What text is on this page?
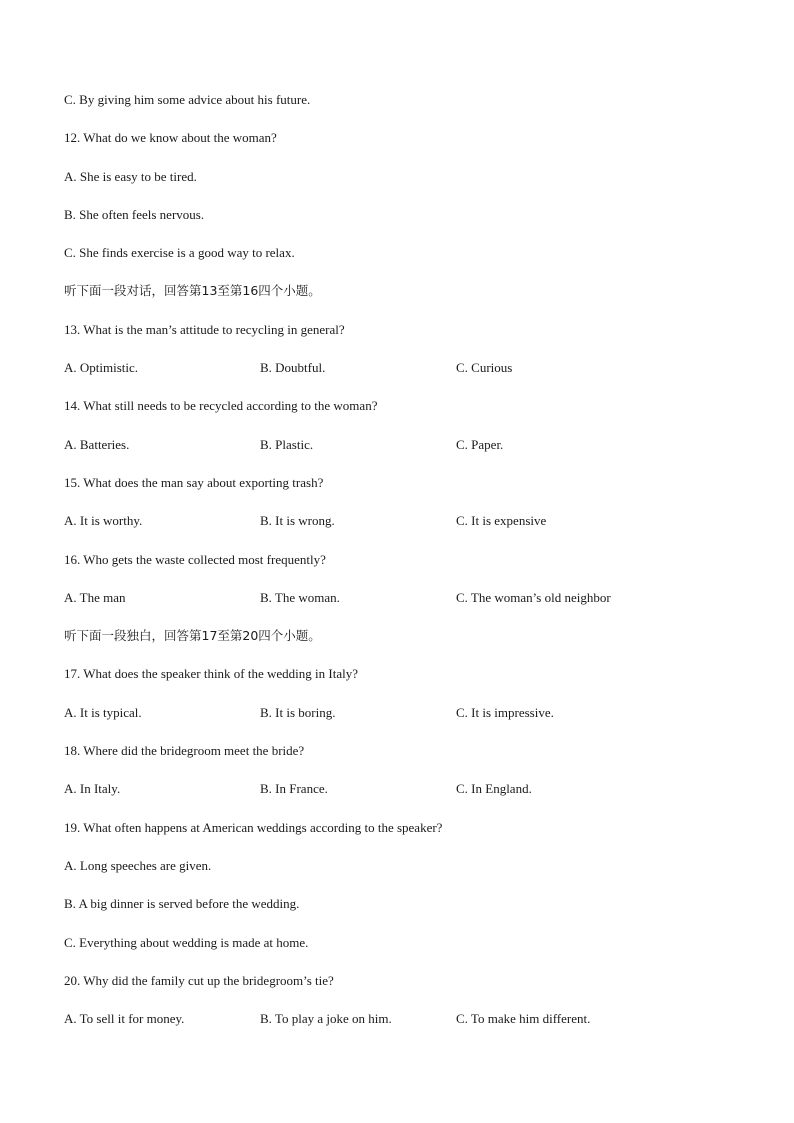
C. By giving him some advice about his future.
12. What do we know about the woman?
A. She is easy to be tired.
B. She often feels nervous.
C. She finds exercise is a good way to relax.
听下面一段对话，回答第13至第16四个小题。
13. What is the man’s attitude to recycling in general?
A. Optimistic.	B. Doubtful.	C. Curious
14. What still needs to be recycled according to the woman?
A. Batteries.	B. Plastic.	C. Paper.
15. What does the man say about exporting trash?
A. It is worthy.	B. It is wrong.	C. It is expensive
16. Who gets the waste collected most frequently?
A. The man	B. The woman.	C. The woman’s old neighbor
听下面一段独白，回答第17至第20四个小题。
17. What does the speaker think of the wedding in Italy?
A. It is typical.	B. It is boring.	C. It is impressive.
18. Where did the bridegroom meet the bride?
A. In Italy.	B. In France.	C. In England.
19. What often happens at American weddings according to the speaker?
A. Long speeches are given.
B. A big dinner is served before the wedding.
C. Everything about wedding is made at home.
20. Why did the family cut up the bridegroom’s tie?
A. To sell it for money.	B. To play a joke on him.	C. To make him different.
